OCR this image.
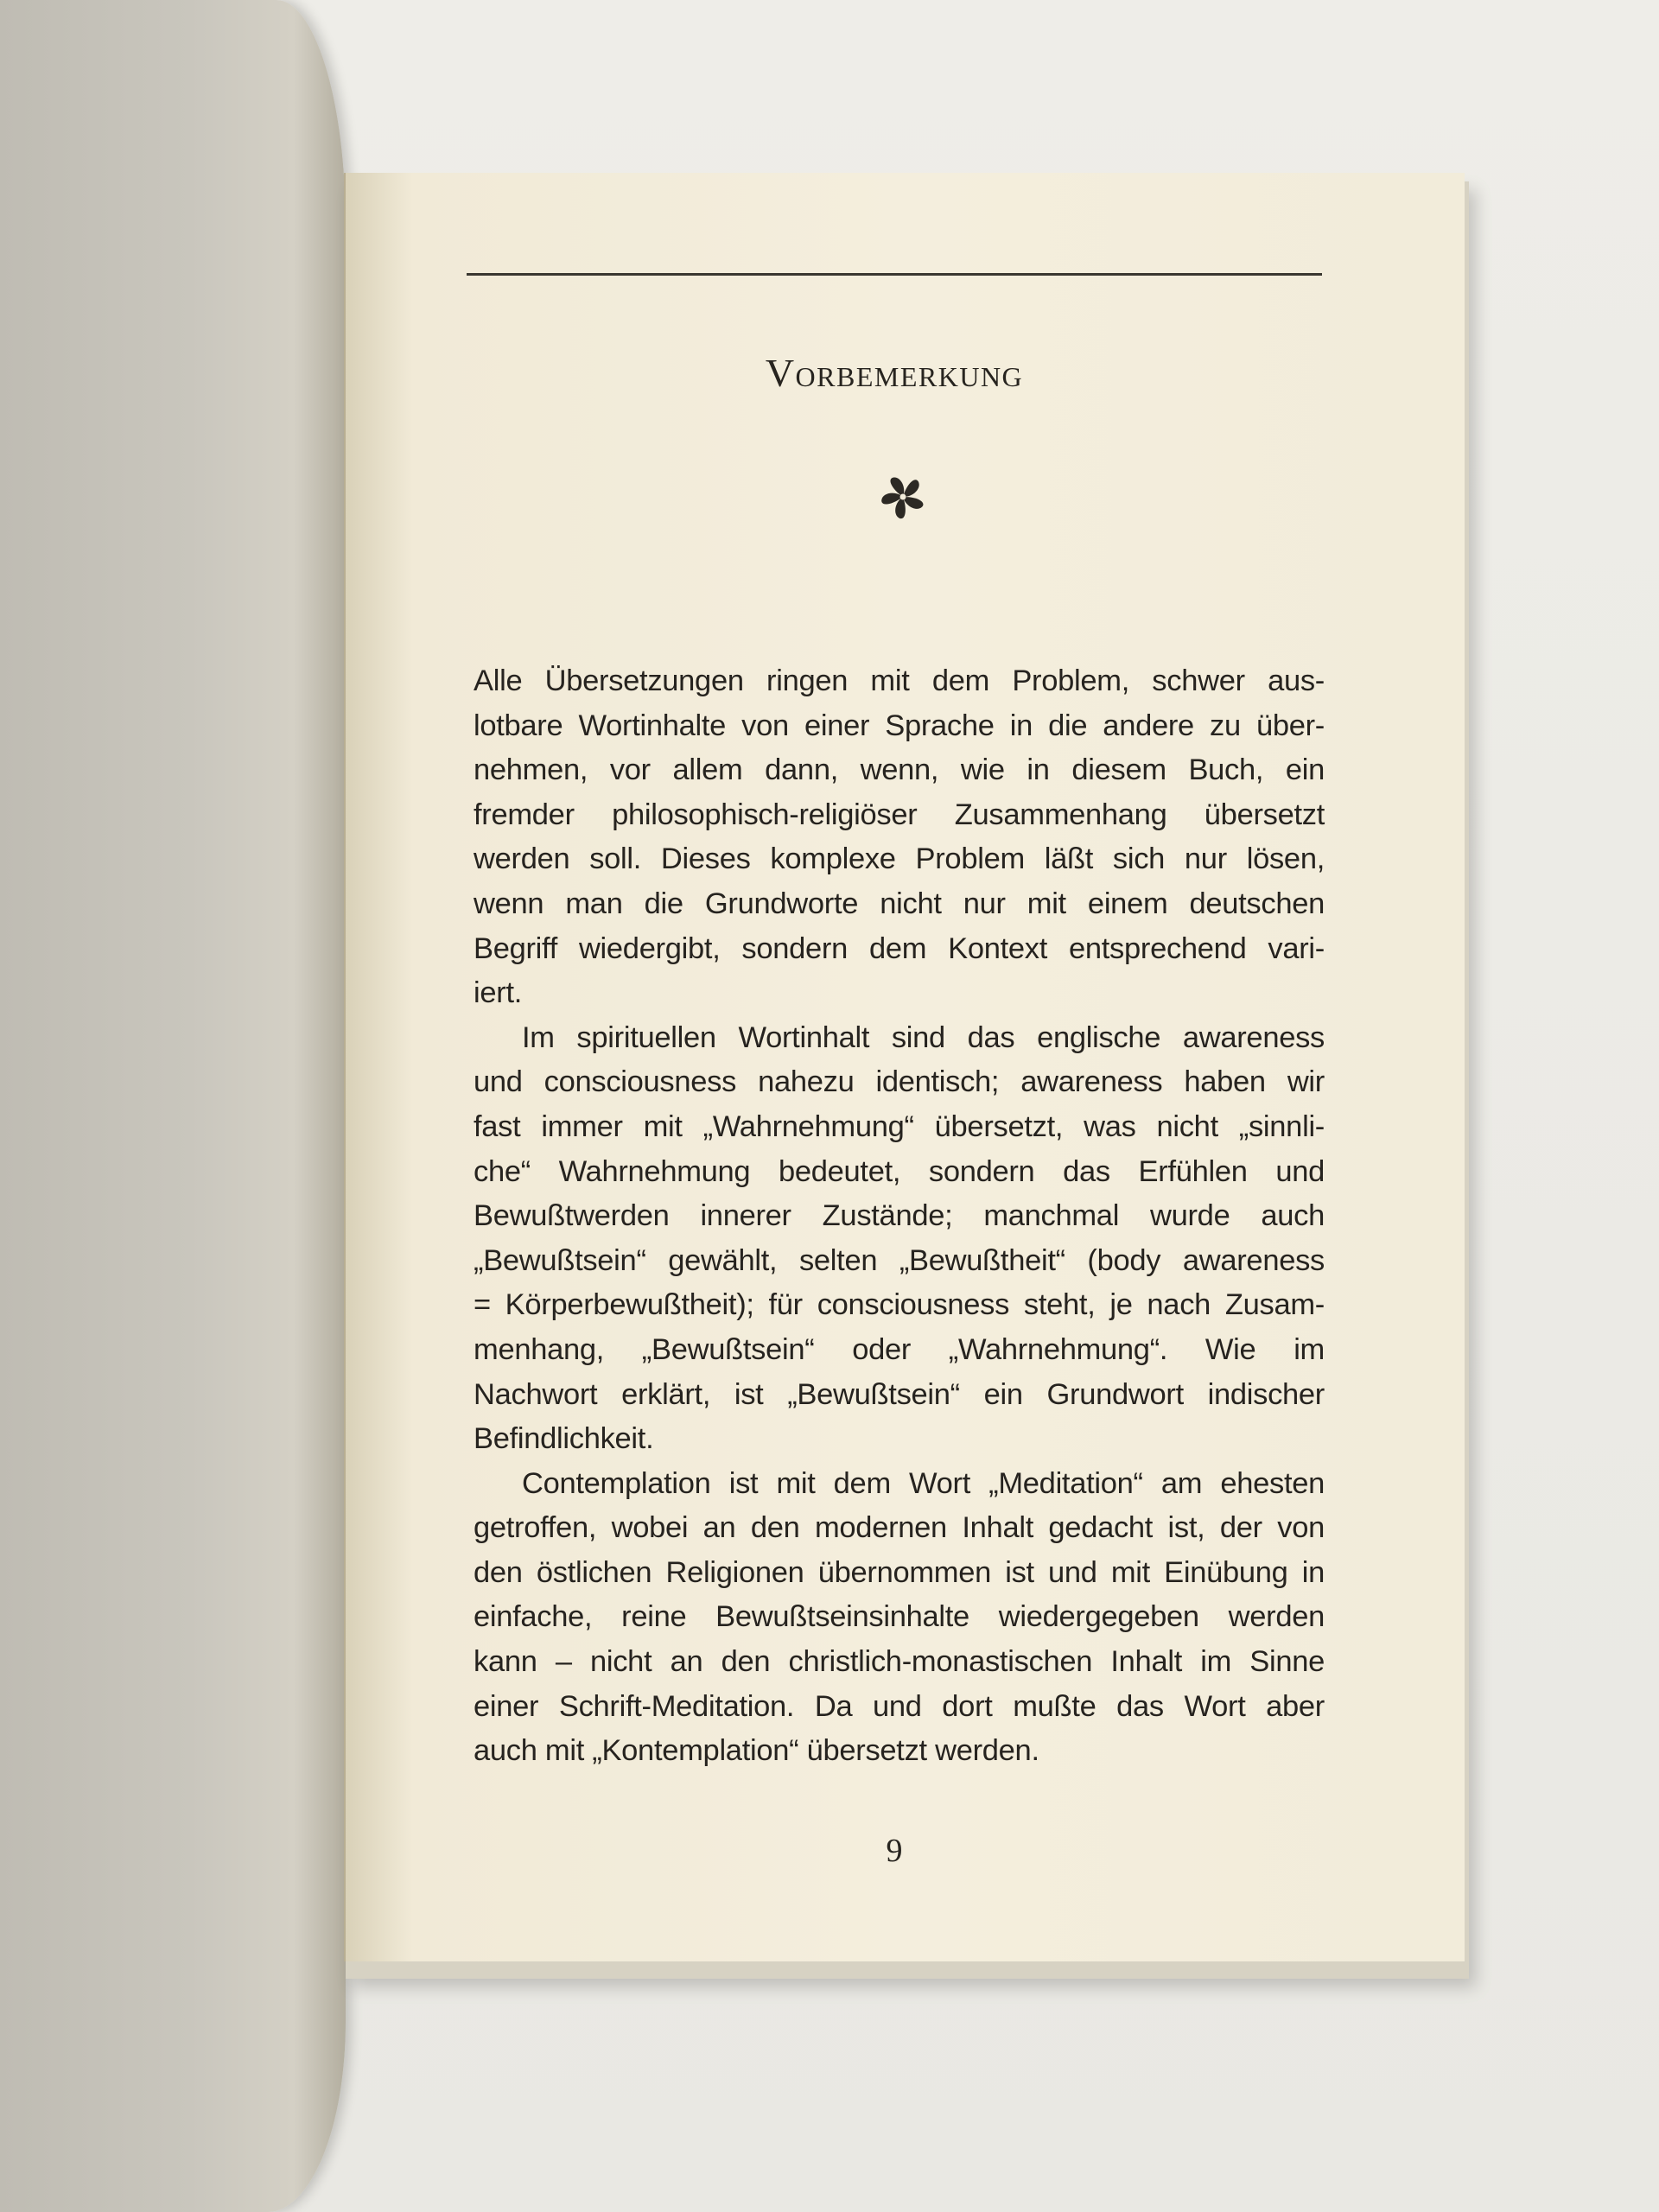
Vorbemerkung
Alle Übersetzungen ringen mit dem Problem, schwer aus-
lotbare Wortinhalte von einer Sprache in die andere zu über-
nehmen, vor allem dann, wenn, wie in diesem Buch, ein
fremder philosophisch-religiöser Zusammenhang übersetzt
werden soll. Dieses komplexe Problem läßt sich nur lösen,
wenn man die Grundworte nicht nur mit einem deutschen
Begriff wiedergibt, sondern dem Kontext entsprechend vari-
iert.
Im spirituellen Wortinhalt sind das englische awareness
und consciousness nahezu identisch; awareness haben wir
fast immer mit „Wahrnehmung“ übersetzt, was nicht „sinnli-
che“ Wahrnehmung bedeutet, sondern das Erfühlen und
Bewußtwerden innerer Zustände; manchmal wurde auch
„Bewußtsein“ gewählt, selten „Bewußtheit“ (body awareness
= Körperbewußtheit); für consciousness steht, je nach Zusam-
menhang, „Bewußtsein“ oder „Wahrnehmung“. Wie im
Nachwort erklärt, ist „Bewußtsein“ ein Grundwort indischer
Befindlichkeit.
Contemplation ist mit dem Wort „Meditation“ am ehesten
getroffen, wobei an den modernen Inhalt gedacht ist, der von
den östlichen Religionen übernommen ist und mit Einübung in
einfache, reine Bewußtseinsinhalte wiedergegeben werden
kann – nicht an den christlich-monastischen Inhalt im Sinne
einer Schrift-Meditation. Da und dort mußte das Wort aber
auch mit „Kontemplation“ übersetzt werden.
9
